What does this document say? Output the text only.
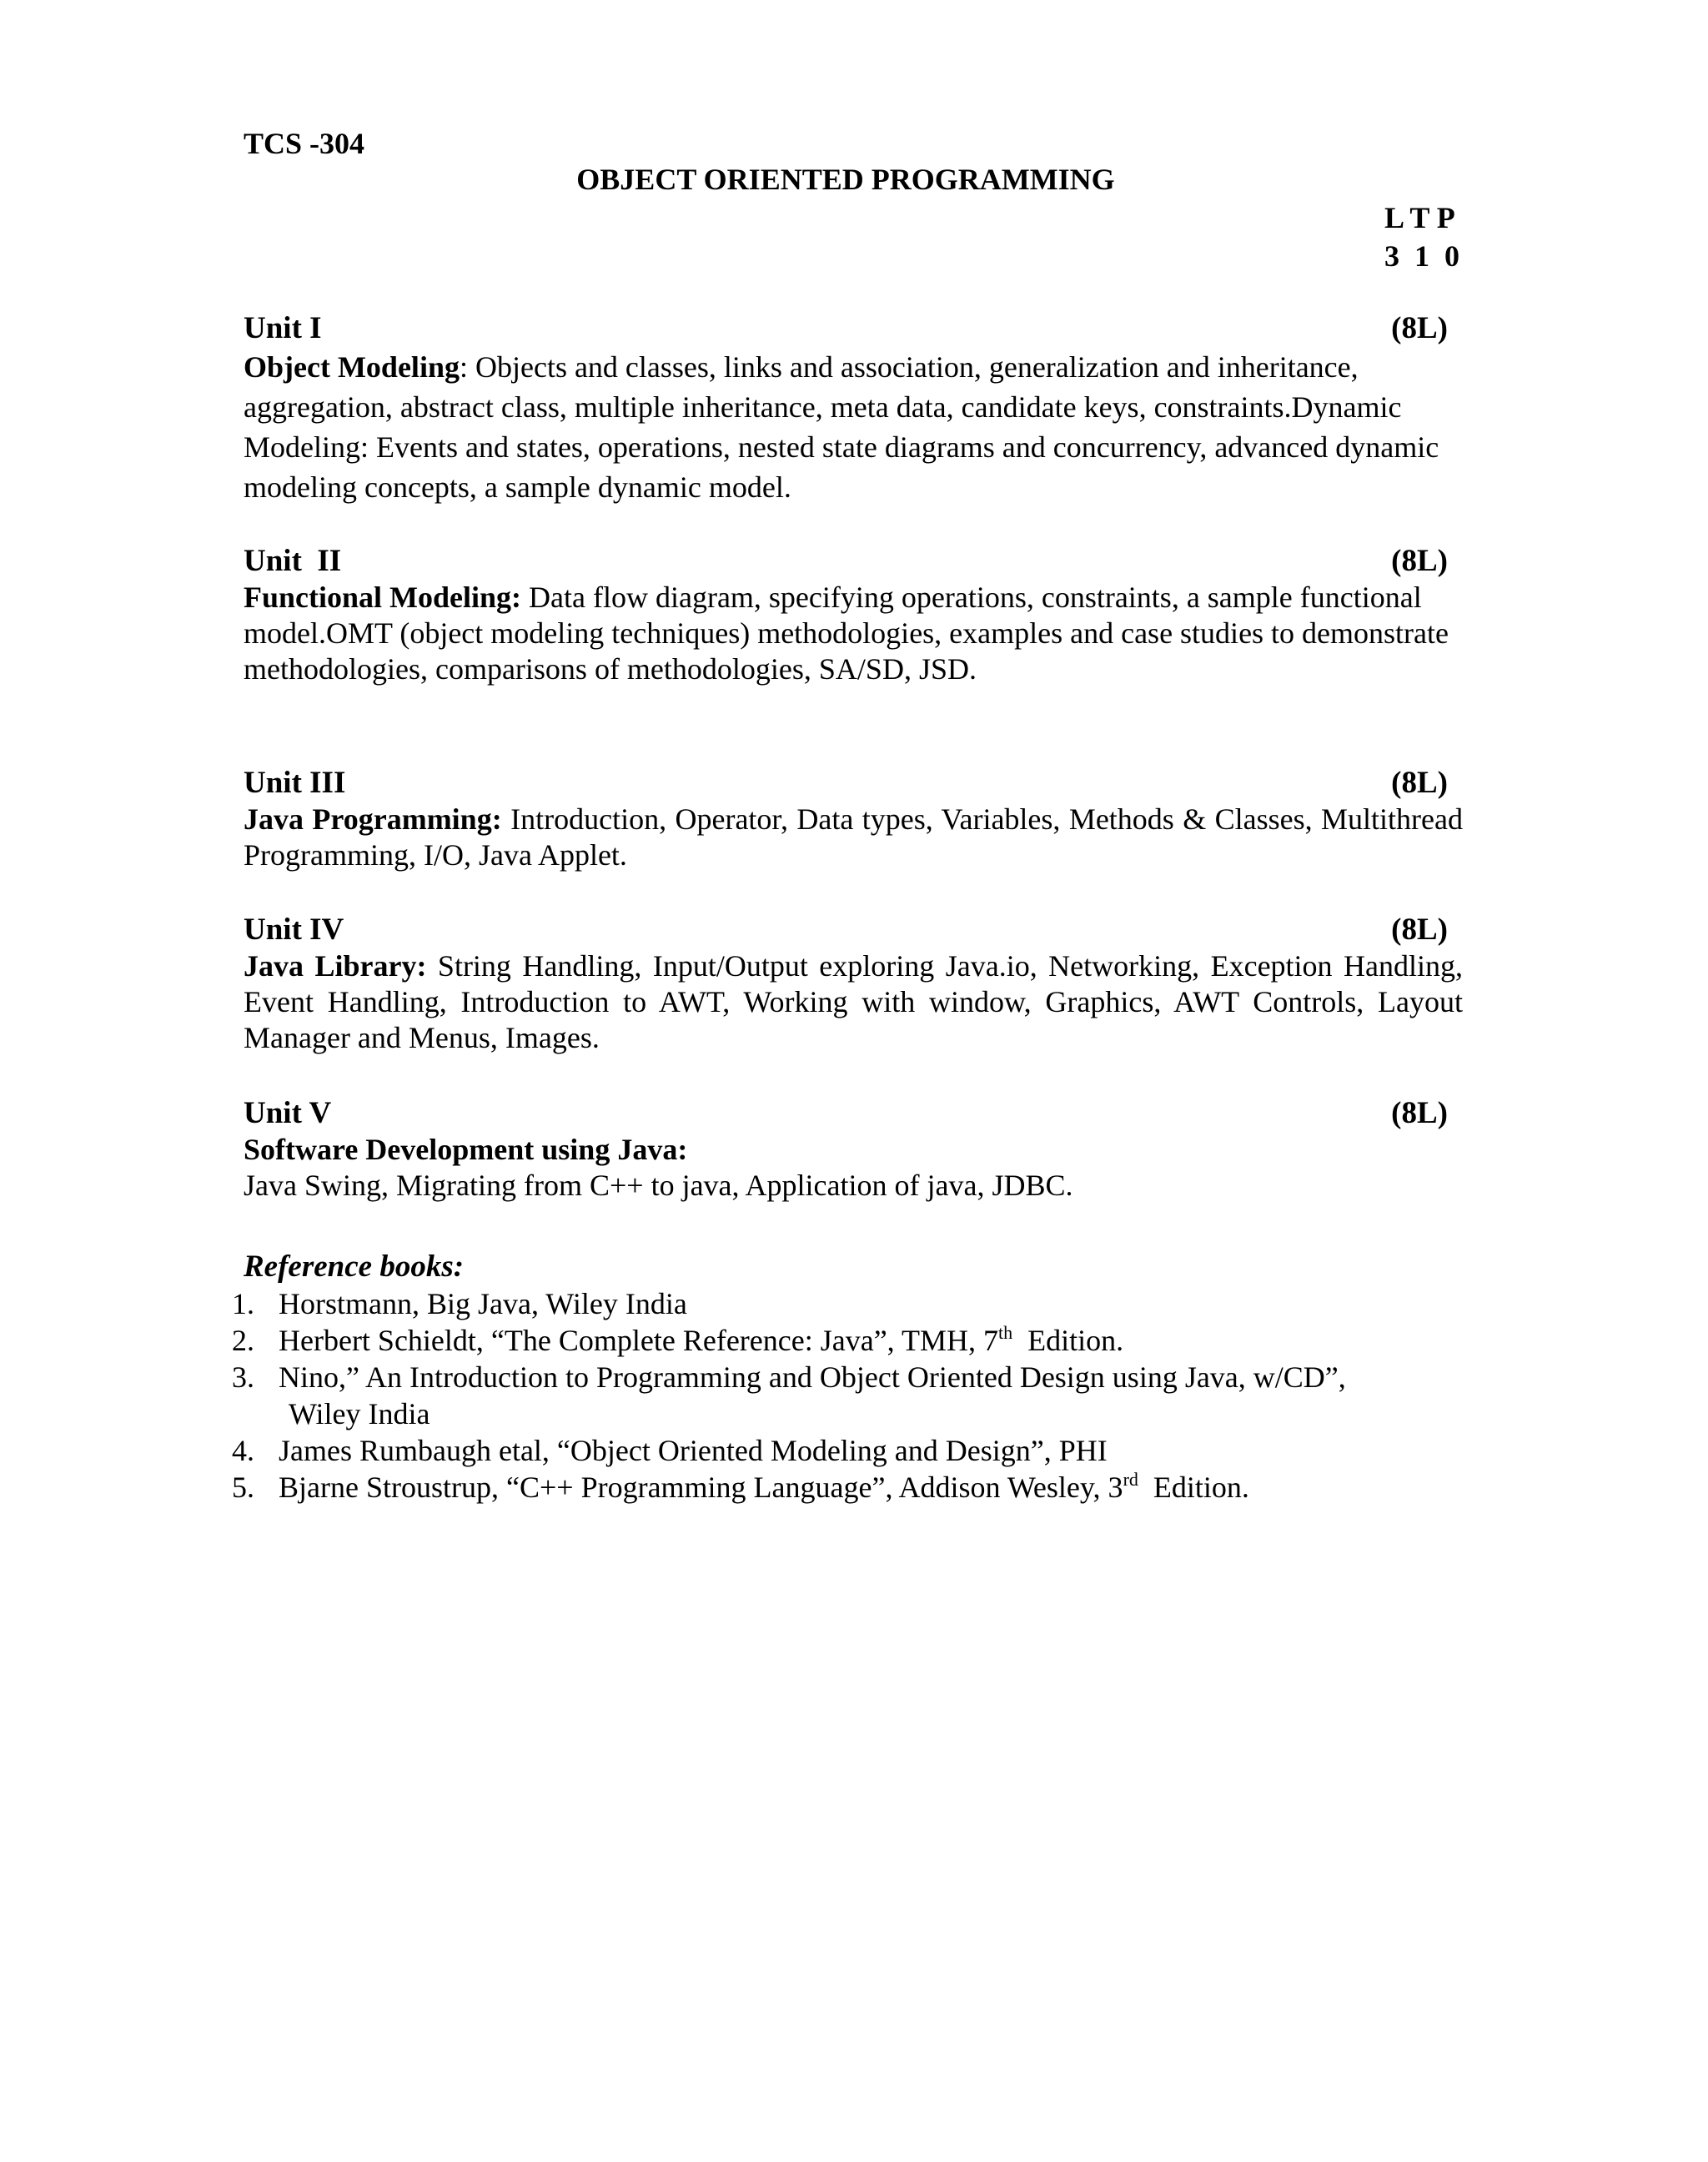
TCS -304
OBJECT ORIENTED PROGRAMMING
L T P
3  1  0
Unit I	(8L)
Object Modeling: Objects and classes, links and association, generalization and inheritance, aggregation, abstract class, multiple inheritance, meta data, candidate keys, constraints.Dynamic Modeling: Events and states, operations, nested state diagrams and concurrency, advanced dynamic modeling concepts, a sample dynamic model.
Unit  II	(8L)
Functional Modeling: Data flow diagram, specifying operations, constraints, a sample functional model.OMT (object modeling techniques) methodologies, examples and case studies to demonstrate methodologies, comparisons of methodologies, SA/SD, JSD.
Unit III	(8L)
Java Programming: Introduction, Operator, Data types, Variables, Methods & Classes, Multithread Programming, I/O, Java Applet.
Unit IV	(8L)
Java Library: String Handling, Input/Output exploring Java.io, Networking, Exception Handling, Event Handling, Introduction to AWT, Working with window, Graphics, AWT Controls, Layout Manager and Menus, Images.
Unit V	(8L)
Software Development using Java:
Java Swing, Migrating from C++ to java, Application of java, JDBC.
Reference books:
1. Horstmann, Big Java, Wiley India
2. Herbert Schieldt, “The Complete Reference: Java”, TMH, 7th  Edition.
3. Nino,” An Introduction to Programming and Object Oriented Design using Java, w/CD”,
Wiley India
4. James Rumbaugh etal, “Object Oriented Modeling and Design”, PHI
5. Bjarne Stroustrup, “C++ Programming Language”, Addison Wesley, 3rd  Edition.
